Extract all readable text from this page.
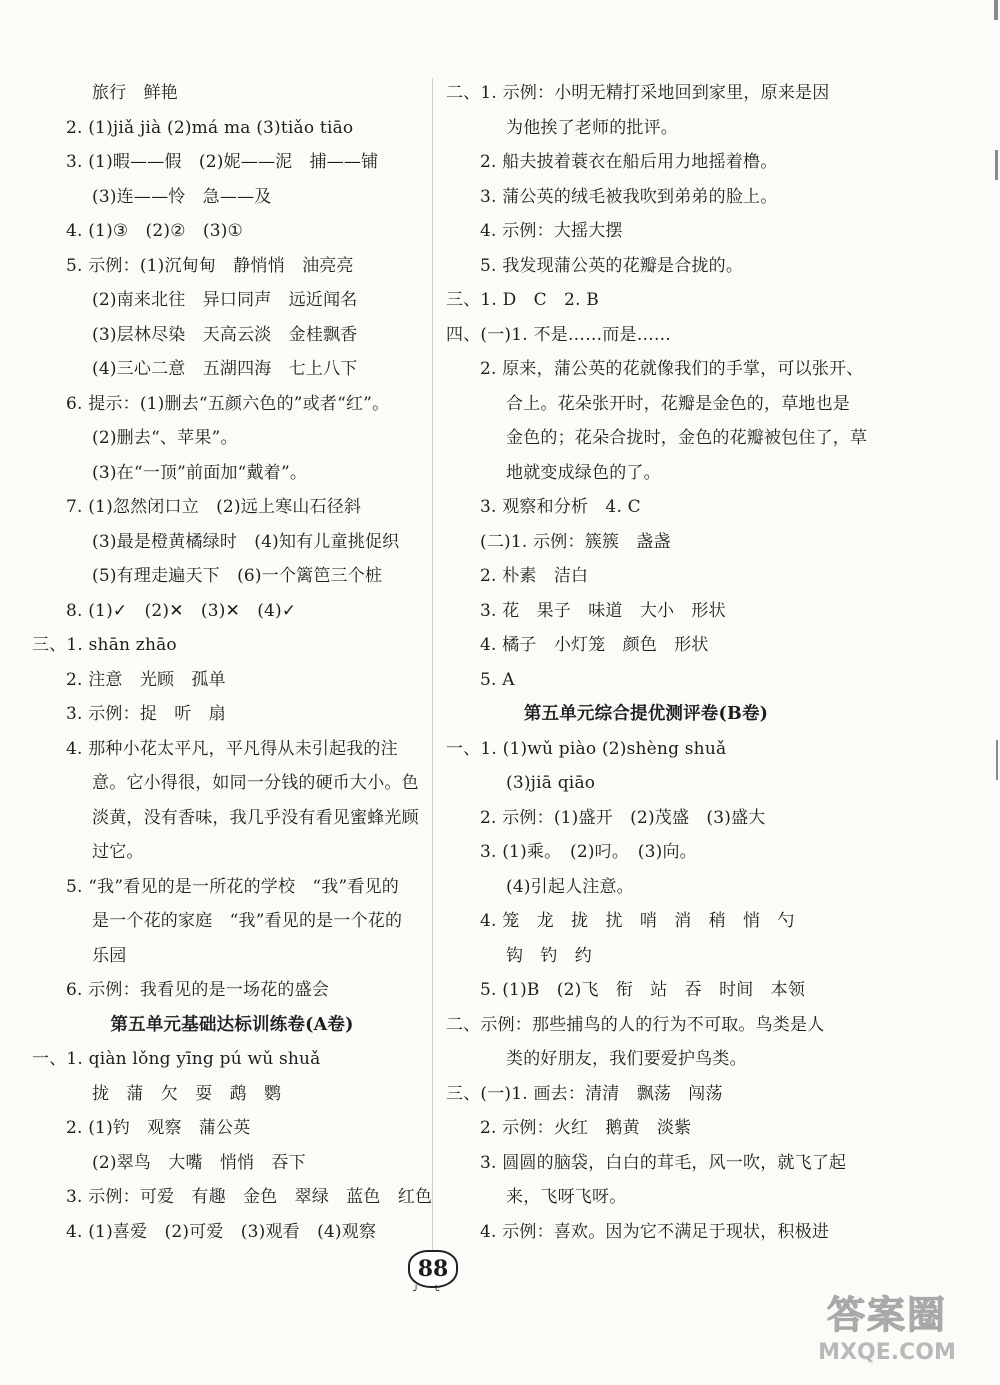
旅行　鲜艳
2. (1)jiǎ jià (2)má ma (3)tiǎo tiāo
3. (1)暇——假　(2)妮——泥　捕——铺
(3)连——怜　急——及
4. (1)③　(2)②　(3)①
5. 示例：(1)沉甸甸　静悄悄　油亮亮
(2)南来北往　异口同声　远近闻名
(3)层林尽染　天高云淡　金桂飘香
(4)三心二意　五湖四海　七上八下
6. 提示：(1)删去“五颜六色的”或者“红”。
(2)删去“、苹果”。
(3)在“一顶”前面加“戴着”。
7. (1)忽然闭口立　(2)远上寒山石径斜
(3)最是橙黄橘绿时　(4)知有儿童挑促织
(5)有理走遍天下　(6)一个篱笆三个桩
8. (1)✓　(2)✕　(3)✕　(4)✓
三、1. shān zhāo
2. 注意　光顾　孤单
3. 示例：捉　听　扇
4. 那种小花太平凡，平凡得从未引起我的注
意。它小得很，如同一分钱的硬币大小。色
淡黄，没有香味，我几乎没有看见蜜蜂光顾
过它。
5. “我”看见的是一所花的学校　“我”看见的
是一个花的家庭　“我”看见的是一个花的
乐园
6. 示例：我看见的是一场花的盛会
第五单元基础达标训练卷(A卷)
一、1. qiàn lǒng yīng pú wǔ shuǎ
拢　蒲　欠　耍　鹉　鹦
2. (1)钓　观察　蒲公英
(2)翠鸟　大嘴　悄悄　吞下
3. 示例：可爱　有趣　金色　翠绿　蓝色　红色
4. (1)喜爱　(2)可爱　(3)观看　(4)观察
二、1. 示例：小明无精打采地回到家里，原来是因
为他挨了老师的批评。
2. 船夫披着蓑衣在船后用力地摇着橹。
3. 蒲公英的绒毛被我吹到弟弟的脸上。
4. 示例：大摇大摆
5. 我发现蒲公英的花瓣是合拢的。
三、1. D　C　2. B
四、(一)1. 不是……而是……
2. 原来，蒲公英的花就像我们的手掌，可以张开、
合上。花朵张开时，花瓣是金色的，草地也是
金色的；花朵合拢时，金色的花瓣被包住了，草
地就变成绿色的了。
3. 观察和分析　4. C
(二)1. 示例：簇簇　盏盏
2. 朴素　洁白
3. 花　果子　味道　大小　形状
4. 橘子　小灯笼　颜色　形状
5. A
第五单元综合提优测评卷(B卷)
一、1. (1)wǔ piào (2)shèng shuǎ
(3)jiā qiāo
2. 示例：(1)盛开　(2)茂盛　(3)盛大
3. (1)乘。　(2)叼。　(3)向。
(4)引起人注意。
4. 笼　龙　拢　扰　哨　消　稍　悄　勺
钩　钓　约
5. (1)B　(2)飞　衔　站　吞　时间　本领
二、示例：那些捕鸟的人的行为不可取。鸟类是人
类的好朋友，我们要爱护鸟类。
三、(一)1. 画去：清清　飘荡　闯荡
2. 示例：火红　鹅黄　淡紫
3. 圆圆的脑袋，白白的茸毛，风一吹，就飞了起
来，飞呀飞呀。
4. 示例：喜欢。因为它不满足于现状，积极进
88
╯╰
答案圈
MXQE.COM
